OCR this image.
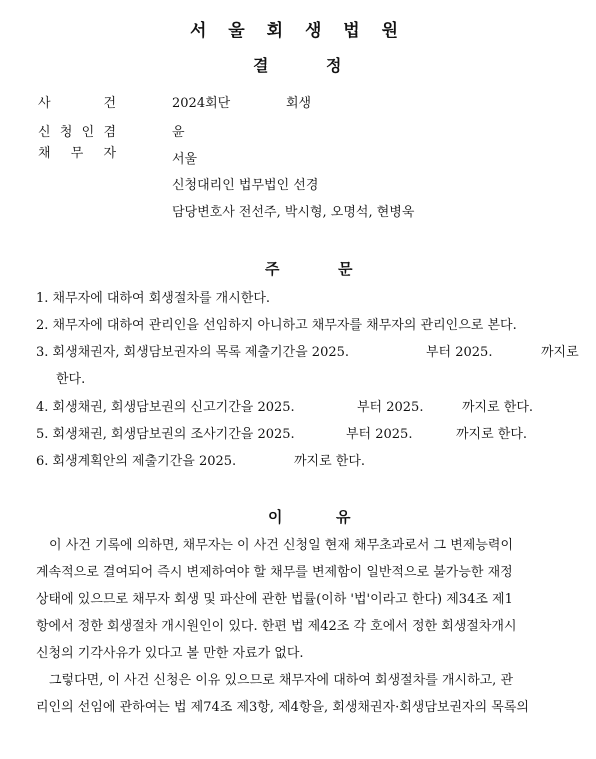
서 울 회 생 법 원
결	정
사	건	2024회단	회생
신 청 인 겸
채 무 자
윤
서울
신청대리인 법무법인 선경
담당변호사 전선주, 박시형, 오명석, 현병욱
주	문
1. 채무자에 대하여 회생절차를 개시한다.
2. 채무자에 대하여 관리인을 선임하지 아니하고 채무자를 채무자의 관리인으로 본다.
3. 회생채권자, 회생담보권자의 목록 제출기간을 2025.	부터 2025.	까지로
한다.
4. 회생채권, 회생담보권의 신고기간을 2025.	부터 2025.	까지로 한다.
5. 회생채권, 회생담보권의 조사기간을 2025.	부터 2025.	까지로 한다.
6. 회생계획안의 제출기간을 2025.	까지로 한다.
이	유
이 사건 기록에 의하면, 채무자는 이 사건 신청일 현재 채무초과로서 그 변제능력이
계속적으로 결여되어 즉시 변제하여야 할 채무를 변제함이 일반적으로 불가능한 재정
상태에 있으므로 채무자 회생 및 파산에 관한 법률(이하 '법'이라고 한다) 제34조 제1
항에서 정한 회생절차 개시원인이 있다. 한편 법 제42조 각 호에서 정한 회생절차개시
신청의 기각사유가 있다고 볼 만한 자료가 없다.
그렇다면, 이 사건 신청은 이유 있으므로 채무자에 대하여 회생절차를 개시하고, 관
리인의 선임에 관하여는 법 제74조 제3항, 제4항을, 회생채권자·회생담보권자의 목록의
